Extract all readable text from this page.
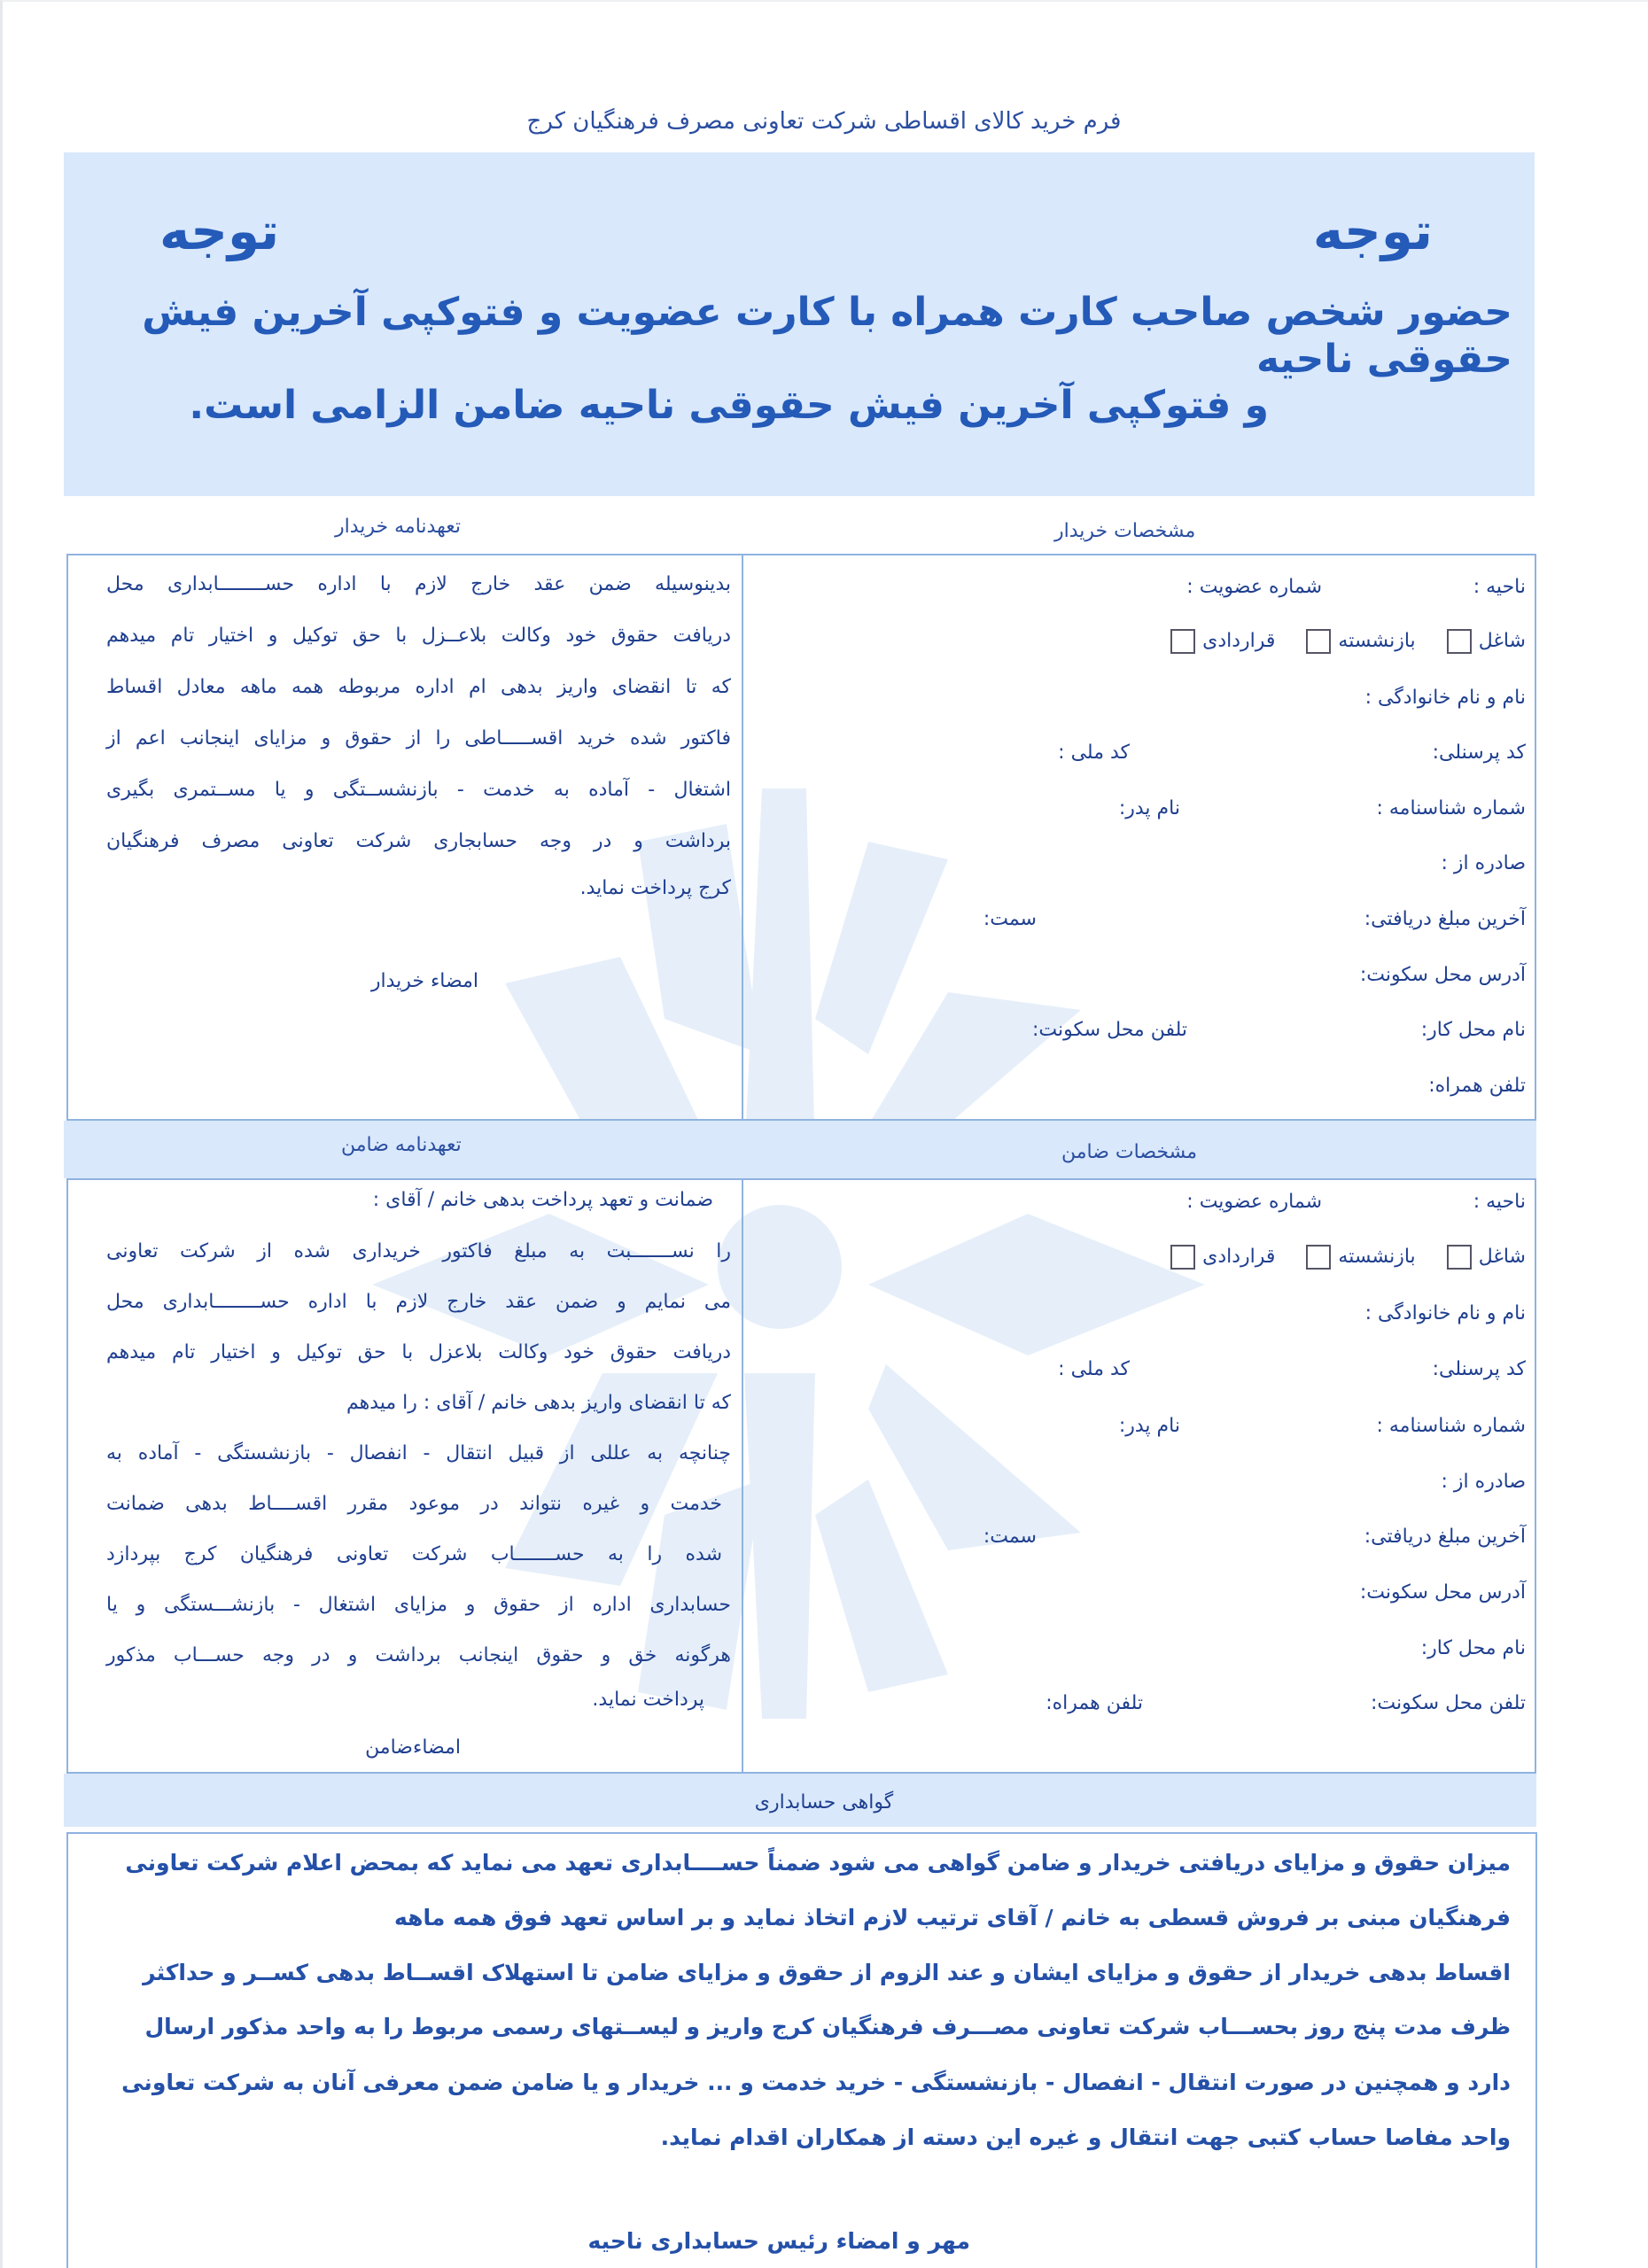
فرم خرید کالای اقساطی شرکت تعاونی مصرف فرهنگیان کرج
توجه
توجه
حضور شخص صاحب کارت همراه با کارت عضویت و فتوکپی آخرین فیش حقوقی ناحیه
و فتوکپی آخرین فیش حقوقی ناحیه ضامن الزامی است.
مشخصات خریدار
تعهدنامه خریدار
ناحیه :
شماره عضویت :
شاغل بازنشسته قراردادی
نام و نام خانوادگی :
کد پرسنلی:
کد ملی :
شماره شناسنامه :
نام پدر:
صادره از :
آخرین مبلغ دریافتی:
سمت:
آدرس محل سکونت:
نام محل کار:
تلفن محل سکونت:
تلفن همراه:
بدینوسیله ضمن عقد خارج لازم با اداره حســــــــابداری محل
دریافت حقوق خود وکالت بلاعــزل با حق توکیل و اختیار تام میدهم
که تا انقضای واریز بدهی ام اداره مربوطه همه ماهه معادل اقساط
فاکتور شده خرید اقســـــاطی را از حقوق و مزایای اینجانب اعم از
اشتغال - آماده به خدمت - بازنشســتگی و یا مســتمری بگیری
برداشت و در وجه حسابجاری شرکت تعاونی مصرف فرهنگیان
کرج پرداخت نماید.
امضاء خریدار
مشخصات ضامن
تعهدنامه ضامن
ناحیه :
شماره عضویت :
شاغل بازنشسته قراردادی
نام و نام خانوادگی :
کد پرسنلی:
کد ملی :
شماره شناسنامه :
نام پدر:
صادره از :
آخرین مبلغ دریافتی:
سمت:
آدرس محل سکونت:
نام محل کار:
تلفن محل سکونت:
تلفن همراه:
ضمانت و تعهد پرداخت بدهی خانم / آقای :
را نســـــــبت به مبلغ فاکتور خریداری شده از شرکت تعاونی
می نمایم و ضمن عقد خارج لازم با اداره حســــــــابداری محل
دریافت حقوق خود وکالت بلاعزل با حق توکیل و اختیار تام میدهم
که تا انقضای واریز بدهی خانم / آقای : را میدهم
چنانچه به عللی از قبیل انتقال - انفصال - بازنشستگی - آماده به
خدمت و غیره نتواند در موعود مقرر اقســــاط بدهی ضمانت
شده را به حســـــــاب شرکت تعاونی فرهنگیان کرج بپردازد
حسابداری اداره از حقوق و مزایای اشتغال - بازنشـــستگی و یا
هرگونه خق و حقوق اینجانب برداشت و در وجه حســـاب مذکور
پرداخت نماید.
امضاءضامن
گواهی حسابداری
میزان حقوق و مزایای دریافتی خریدار و ضامن گواهی می شود ضمناً حســــابداری تعهد می نماید که بمحض اعلام شرکت تعاونی
فرهنگیان مبنی بر فروش قسطی به خانم / آقای ترتیب لازم اتخاذ نماید و بر اساس تعهد فوق همه ماهه
اقساط بدهی خریدار از حقوق و مزایای ایشان و عند الزوم از حقوق و مزایای ضامن تا استهلاک اقســاط بدهی کســر و حداکثر
ظرف مدت پنج روز بحســـاب شرکت تعاونی مصـــرف فرهنگیان کرج واریز و لیســتهای رسمی مربوط را به واحد مذکور ارسال
دارد و همچنین در صورت انتقال - انفصال - بازنشستگی - خرید خدمت و ... خریدار و یا ضامن ضمن معرفی آنان به شرکت تعاونی
واحد مفاصا حساب کتبی جهت انتقال و غیره این دسته از همکاران اقدام نماید.
مهر و امضاء رئیس حسابداری ناحیه
